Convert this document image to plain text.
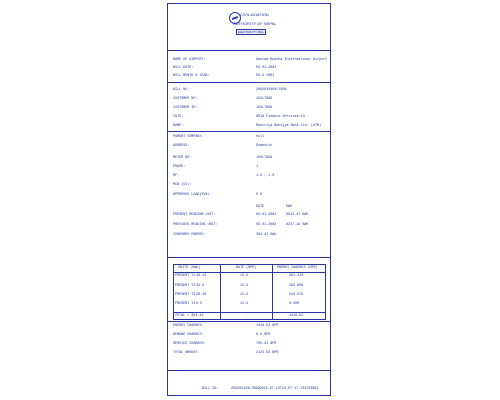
CIVIL AVIATION
AUTHORITY OF NEPAL
ELECTRICITY BILL
NAME OF AIRPORT:	Gautam Buddha International Airport
BILL DATE:	04-01-2082
BILL MONTH & YEAR:	03 & 2082
BILL NO:	2082030304L7896
CUSTOMER NO:	104L7896
CUSTOMER ID:	104L7896
CATG:	GRIA Finance Services-13
NAME:	Rastriya Banijya Bank Ltd. (ATM)
PARENT COMPANY:	null
ADDRESS:	Domestic
METER NO:	104L7896
PHASE:	1
MF:	1.0 , 1.0
MCB (CU):
APPROVED LOAD(KVA):	5.0
DATE	KWH
PRESENT READING UNIT:	04-01-2082	8541.47 KWh
PREVIOUS READING UNIT:	03-01-2082	8237.18 KWh
CONSUMED ENERGY:	304.43 KWh
UNITS (KWh)	RATE (NPR)	ENERGY CHARGES (NPR)
PRESENT T1 18.24	13.5	381.240
PRESENT T2 33.6	13.5	493.808
PRESENT T3 20.40	13.5	543.575
PRESENT T4 0.0	13.5	0.000
TOTAL = 304.43	-	1418.62
ENERGY CHARGES:	1418.62 NPR
DEMAND CHARGES:	0.0 NPR
SERVICE CHARGES:	705.31 NPR
TOTAL AMOUNT:	2123.93 NPR
BILL ID:	208203104L7896D025-07-14T23:07:17.704T03082
